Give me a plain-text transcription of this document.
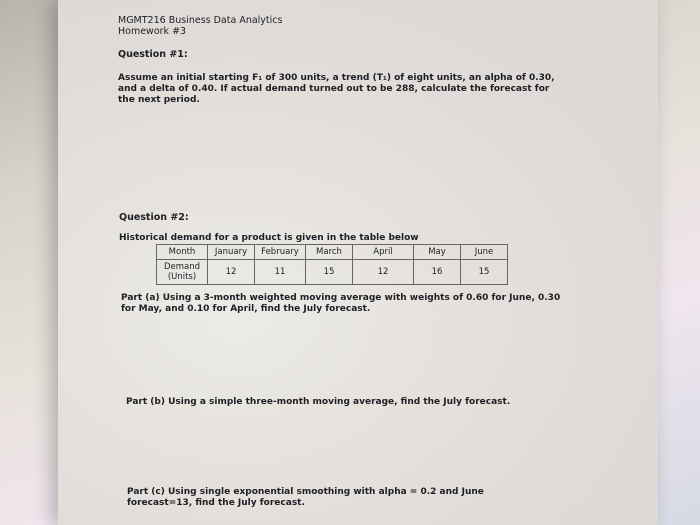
MGMT216 Business Data Analytics
Homework #3
Question #1:
Assume an initial starting F₁ of 300 units, a trend (T₁) of eight units, an alpha of 0.30, and a delta of 0.40. If actual demand turned out to be 288, calculate the forecast for the next period.
Question #2:
Historical demand for a product is given in the table below
Month	January	February	March	April	May	June
Demand (Units)	12	11	15	12	16	15
Part (a) Using a 3-month weighted moving average with weights of 0.60 for June, 0.30 for May, and 0.10 for April, find the July forecast.
Part (b) Using a simple three-month moving average, find the July forecast.
Part (c) Using single exponential smoothing with alpha = 0.2 and June forecast=13, find the July forecast.
